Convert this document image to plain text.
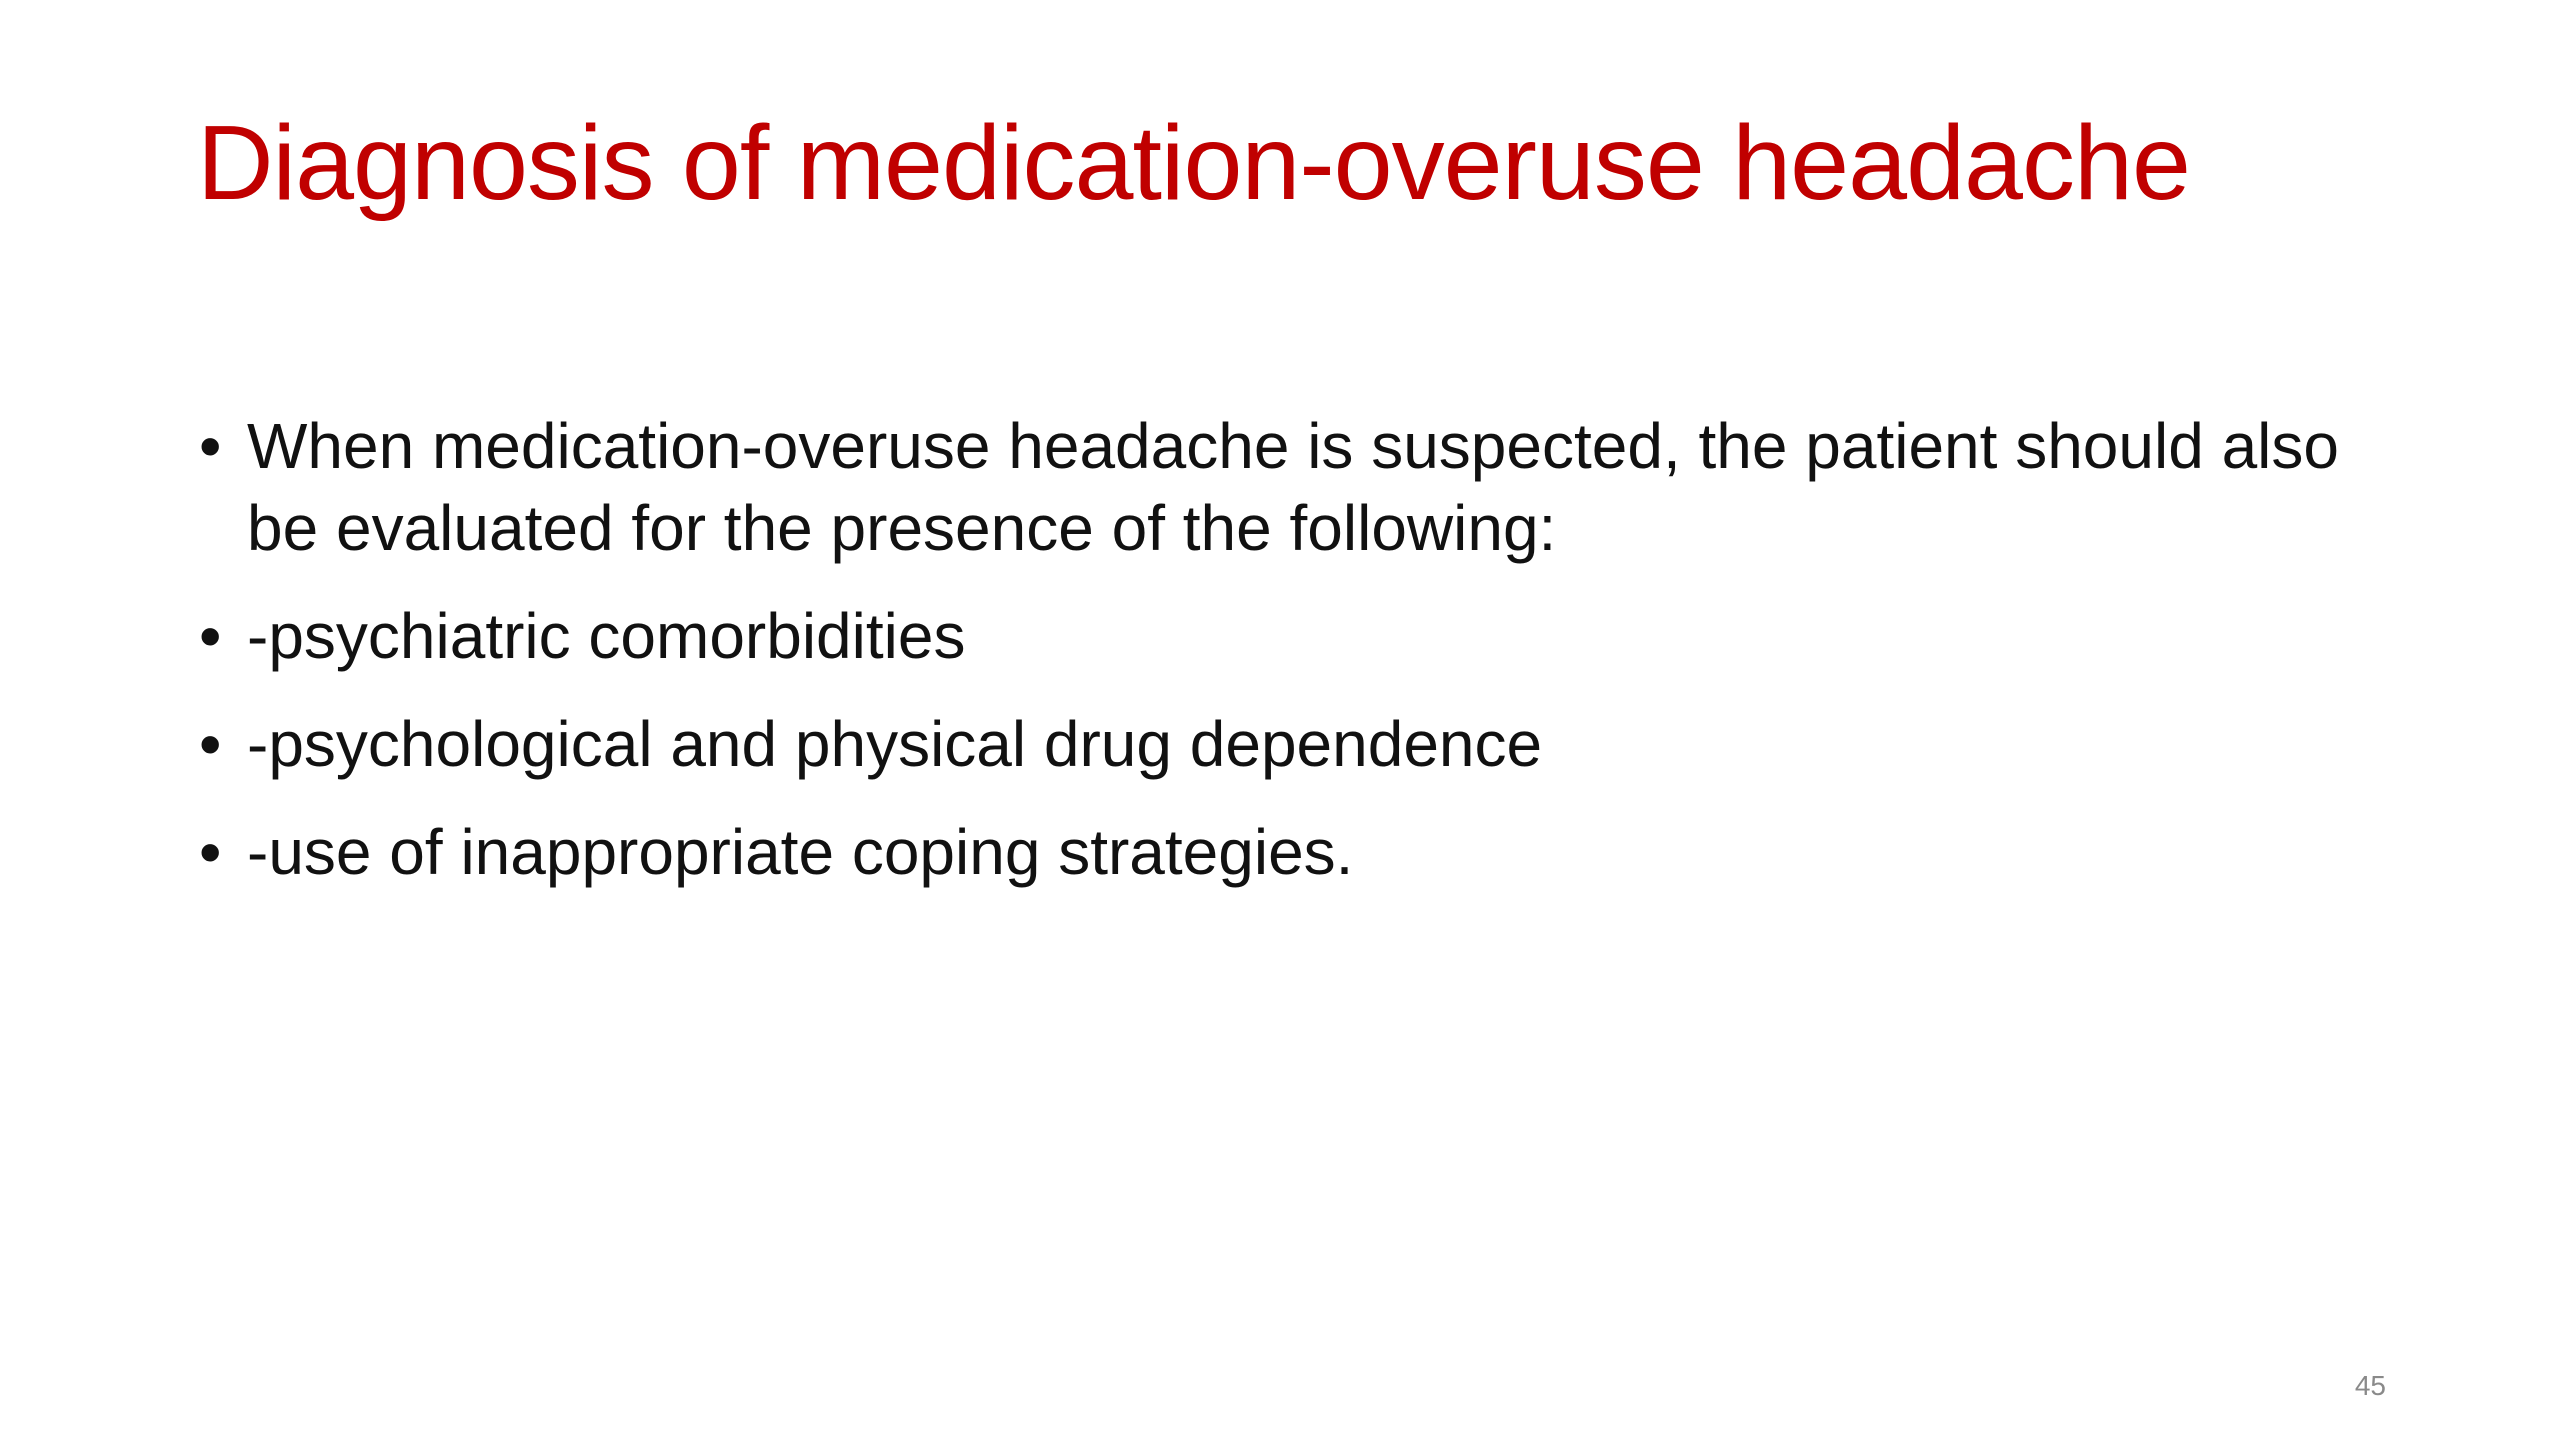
Diagnosis of medication-overuse headache
• When medication-overuse headache is suspected, the patient should also be evaluated for the presence of the following:
• -psychiatric comorbidities
• -psychological and physical drug dependence
• -use of inappropriate coping strategies.
45
